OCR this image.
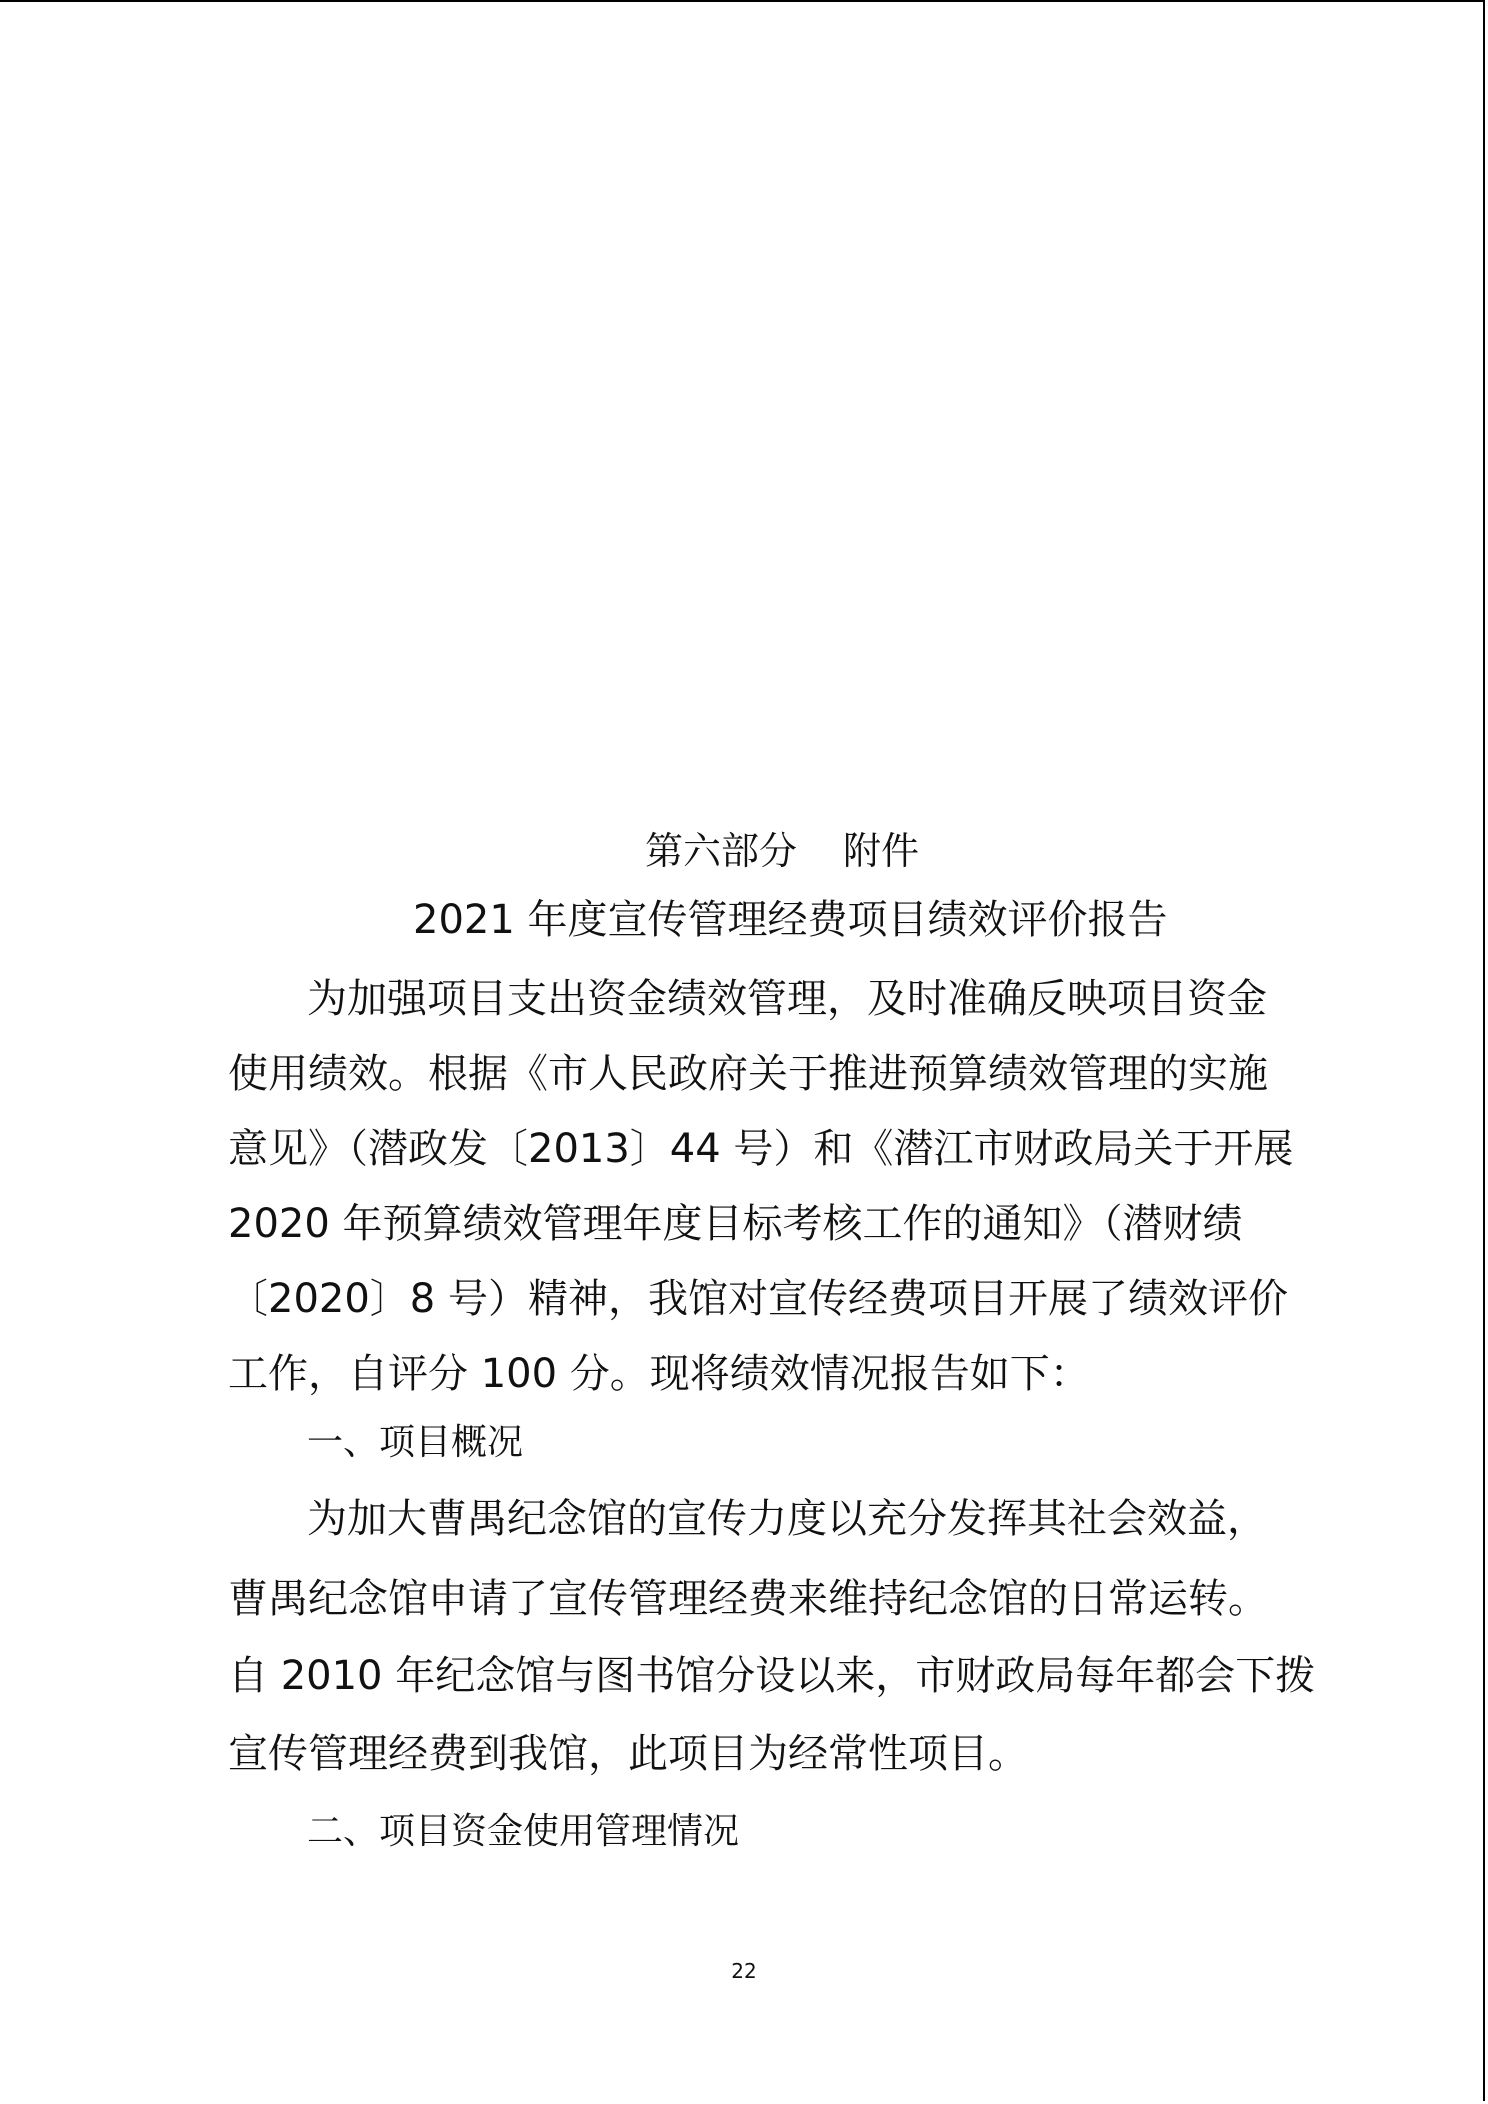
第六部分 附件
2021 年度宣传管理经费项目绩效评价报告
为加强项目支出资金绩效管理，及时准确反映项目资金
使用绩效。根据《市人民政府关于推进预算绩效管理的实施
意见》（潜政发〔2013〕44 号）和《潜江市财政局关于开展
2020 年预算绩效管理年度目标考核工作的通知》（潜财绩
〔2020〕8 号）精神，我馆对宣传经费项目开展了绩效评价
工作，自评分 100 分。现将绩效情况报告如下：
一、项目概况
为加大曹禺纪念馆的宣传力度以充分发挥其社会效益，
曹禺纪念馆申请了宣传管理经费来维持纪念馆的日常运转。
自 2010 年纪念馆与图书馆分设以来，市财政局每年都会下拨
宣传管理经费到我馆，此项目为经常性项目。
二、项目资金使用管理情况
22
